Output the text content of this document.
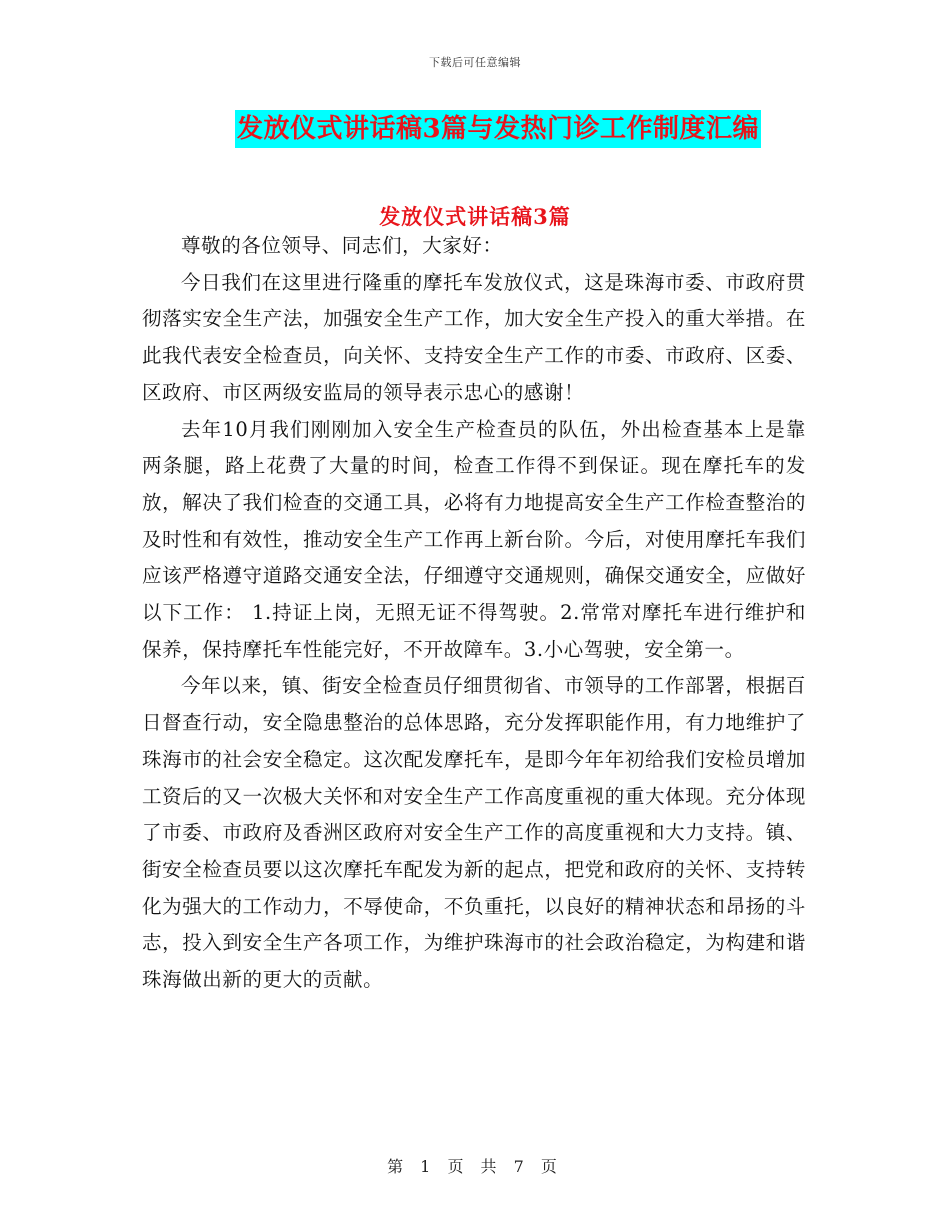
下载后可任意编辑
发放仪式讲话稿3篇与发热门诊工作制度汇编
发放仪式讲话稿3篇

尊敬的各位领导、同志们，大家好：

今日我们在这里进行隆重的摩托车发放仪式，这是珠海市委、市政府贯彻落实安全生产法，加强安全生产工作，加大安全生产投入的重大举措。在此我代表安全检查员，向关怀、支持安全生产工作的市委、市政府、区委、区政府、市区两级安监局的领导表示忠心的感谢！

去年10月我们刚刚加入安全生产检查员的队伍，外出检查基本上是靠两条腿，路上花费了大量的时间，检查工作得不到保证。现在摩托车的发放，解决了我们检查的交通工具，必将有力地提高安全生产工作检查整治的及时性和有效性，推动安全生产工作再上新台阶。今后，对使用摩托车我们应该严格遵守道路交通安全法，仔细遵守交通规则，确保交通安全，应做好以下工作： 1.持证上岗，无照无证不得驾驶。2.常常对摩托车进行维护和保养，保持摩托车性能完好，不开故障车。3.小心驾驶，安全第一。

今年以来，镇、街安全检查员仔细贯彻省、市领导的工作部署，根据百日督查行动，安全隐患整治的总体思路，充分发挥职能作用，有力地维护了珠海市的社会安全稳定。这次配发摩托车，是即今年年初给我们安检员增加工资后的又一次极大关怀和对安全生产工作高度重视的重大体现。充分体现了市委、市政府及香洲区政府对安全生产工作的高度重视和大力支持。镇、街安全检查员要以这次摩托车配发为新的起点，把党和政府的关怀、支持转化为强大的工作动力，不辱使命，不负重托，以良好的精神状态和昂扬的斗志，投入到安全生产各项工作，为维护珠海市的社会政治稳定，为构建和谐珠海做出新的更大的贡献。

第 1 页 共 7 页
